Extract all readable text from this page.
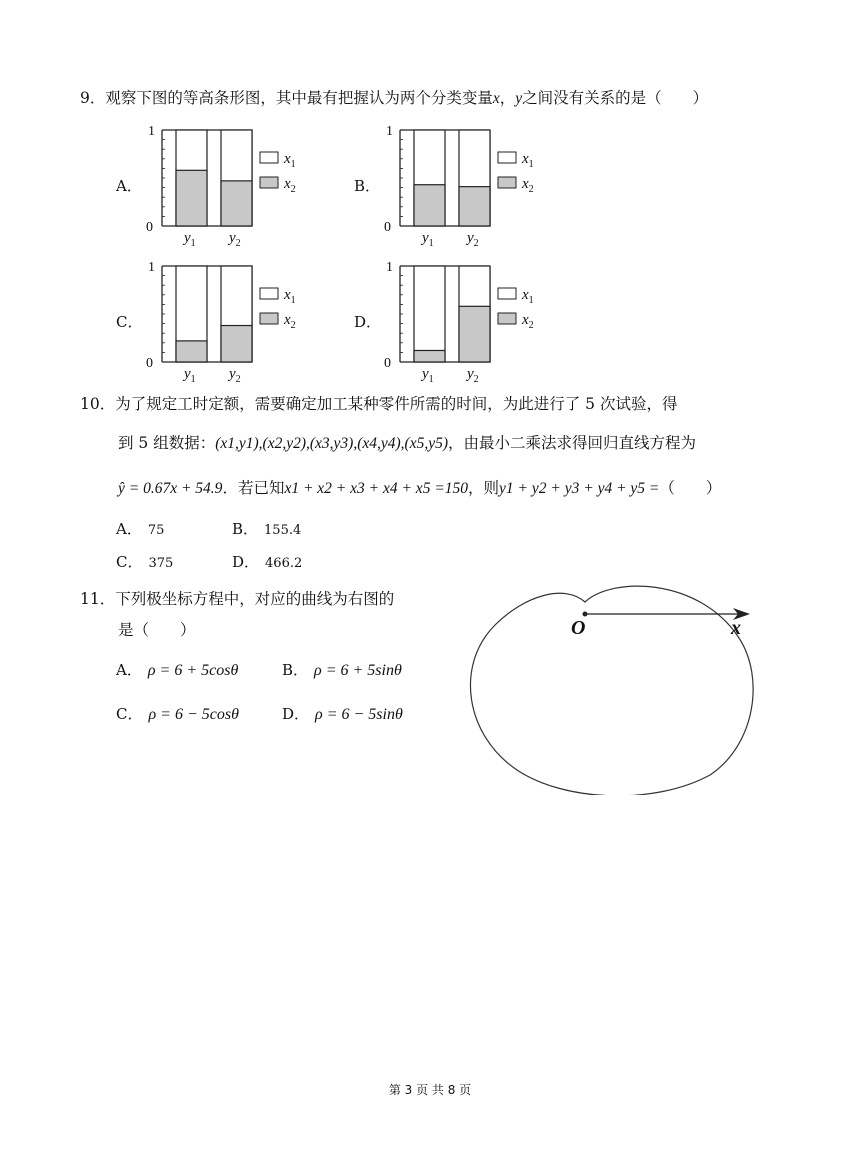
9．观察下图的等高条形图，其中最有把握认为两个分类变量x，y之间没有关系的是（　　）
A．	B．
C．	D．
1
0
$y_1$ $y_2$
$x_1$
$x_2$
1
0
$y_1$ $y_2$
$x_1$
$x_2$
1
0
$y_1$ $y_2$
$x_1$
$x_2$
1
0
$y_1$ $y_2$
$x_1$
$x_2$
10．为了规定工时定额，需要确定加工某种零件所需的时间，为此进行了 5 次试验，得
到 5 组数据：(x1,y1),(x2,y2),(x3,y3),(x4,y4),(x5,y5)，由最小二乘法求得回归直线方程为
ŷ = 0.67x + 54.9．若已知x1 + x2 + x3 + x4 + x5 =150，则y1 + y2 + y3 + y4 + y5 =（　　）
A． 75	B． 155.4
C． 375	D． 466.2
11．下列极坐标方程中，对应的曲线为右图的
是（　　）
A． ρ = 6 + 5cosθ	B． ρ = 6 + 5sinθ
C． ρ = 6 − 5cosθ	D． ρ = 6 − 5sinθ
O	x
第 3 页 共 8 页
